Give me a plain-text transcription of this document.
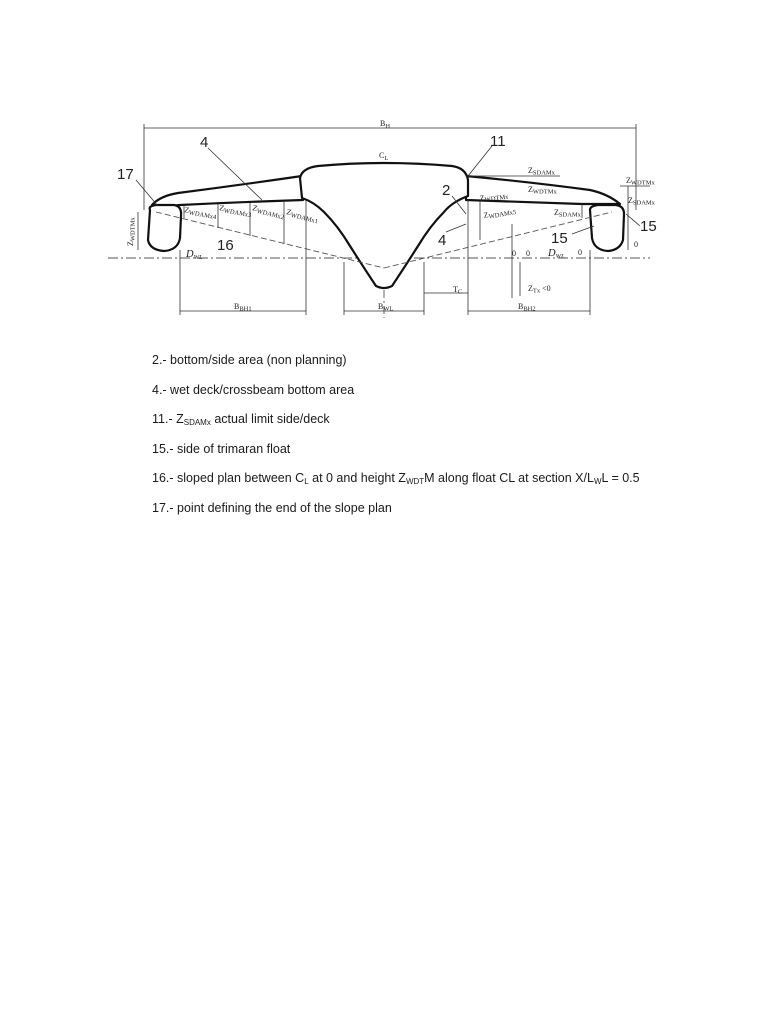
$B_H$
$C_L$
17
4
16
11
2
4	15
15
DWL	DWL
0 0	0
0
ZWDTMx
ZWDAMx4
ZWDAMx3 ZWDAMx2 ZWDAMx1
ZSDAMx
ZWDTMx
ZWDTMx
ZWDAMx5	ZSDAMx
ZWDTMx
ZSDAMx
TC	ZTx <0
BBH1	BWL	BBH2
2.- bottom/side area (non planning)
4.- wet deck/crossbeam bottom area
11.- $Z_{SDAMx}$ actual limit side/deck
15.- side of trimaran float
16.- sloped plan between $C_L$ at 0 and height $Z_{WDT}M$ along float CL at section $X/L_WL = 0.5$
17.- point defining the end of the slope plan
